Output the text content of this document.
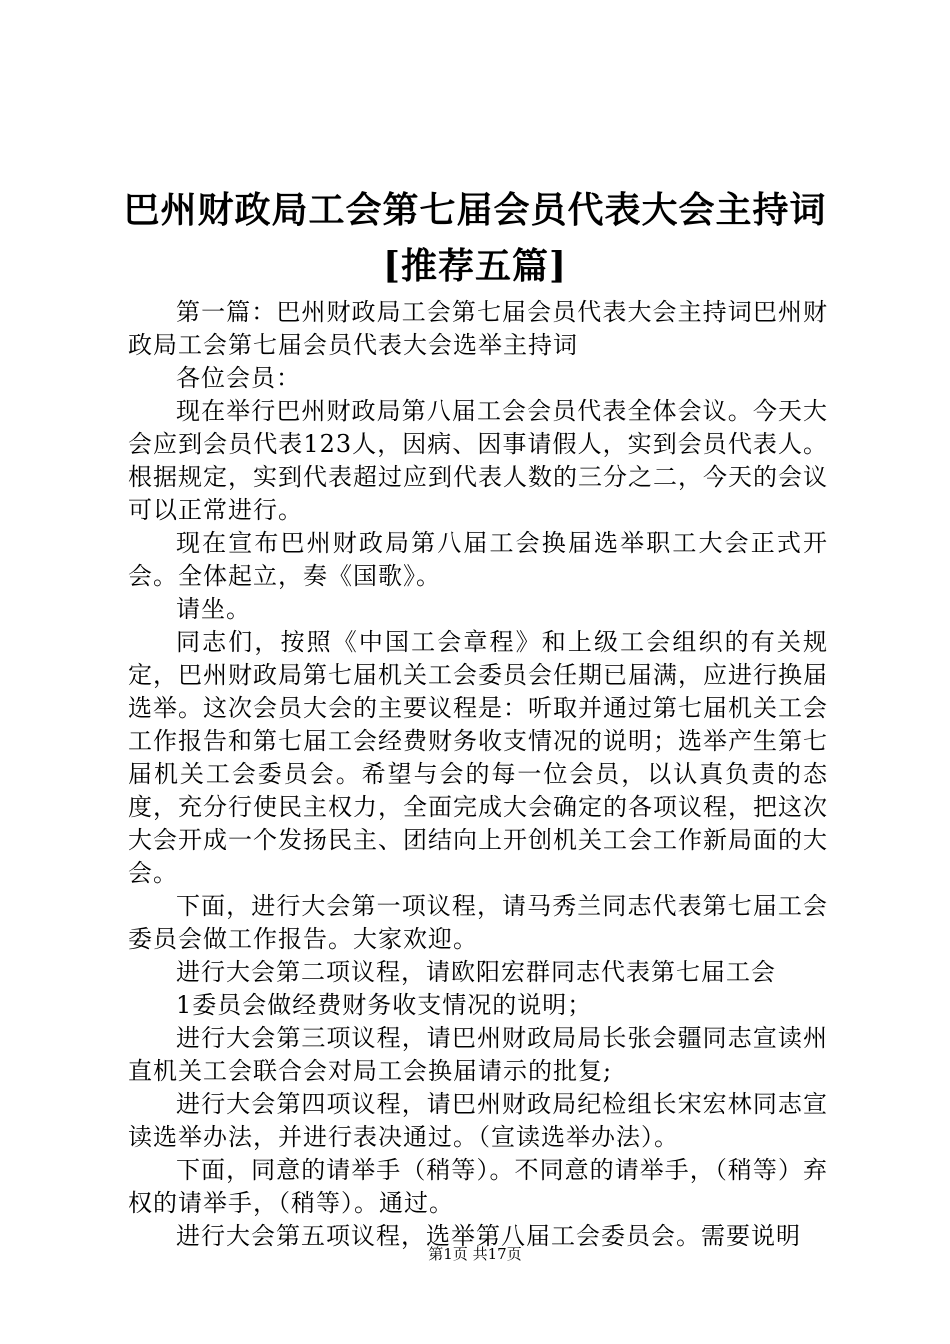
巴州财政局工会第七届会员代表大会主持词
[推荐五篇]

第一篇：巴州财政局工会第七届会员代表大会主持词巴州财政局工会第七届会员代表大会选举主持词

各位会员：

现在举行巴州财政局第八届工会会员代表全体会议。今天大会应到会员代表123人，因病、因事请假人，实到会员代表人。根据规定，实到代表超过应到代表人数的三分之二，今天的会议可以正常进行。

现在宣布巴州财政局第八届工会换届选举职工大会正式开会。全体起立，奏《国歌》。

请坐。

同志们，按照《中国工会章程》和上级工会组织的有关规定，巴州财政局第七届机关工会委员会任期已届满，应进行换届选举。这次会员大会的主要议程是：听取并通过第七届机关工会工作报告和第七届工会经费财务收支情况的说明；选举产生第七届机关工会委员会。希望与会的每一位会员，以认真负责的态度，充分行使民主权力，全面完成大会确定的各项议程，把这次大会开成一个发扬民主、团结向上开创机关工会工作新局面的大会。

下面，进行大会第一项议程，请马秀兰同志代表第七届工会委员会做工作报告。大家欢迎。

进行大会第二项议程，请欧阳宏群同志代表第七届工会

1委员会做经费财务收支情况的说明；

进行大会第三项议程，请巴州财政局局长张会疆同志宣读州直机关工会联合会对局工会换届请示的批复;

进行大会第四项议程，请巴州财政局纪检组长宋宏林同志宣读选举办法，并进行表决通过。（宣读选举办法）。

下面，同意的请举手（稍等）。不同意的请举手，（稍等）弃权的请举手，（稍等）。通过。

进行大会第五项议程，选举第八届工会委员会。需要说明

第1页 共17页
